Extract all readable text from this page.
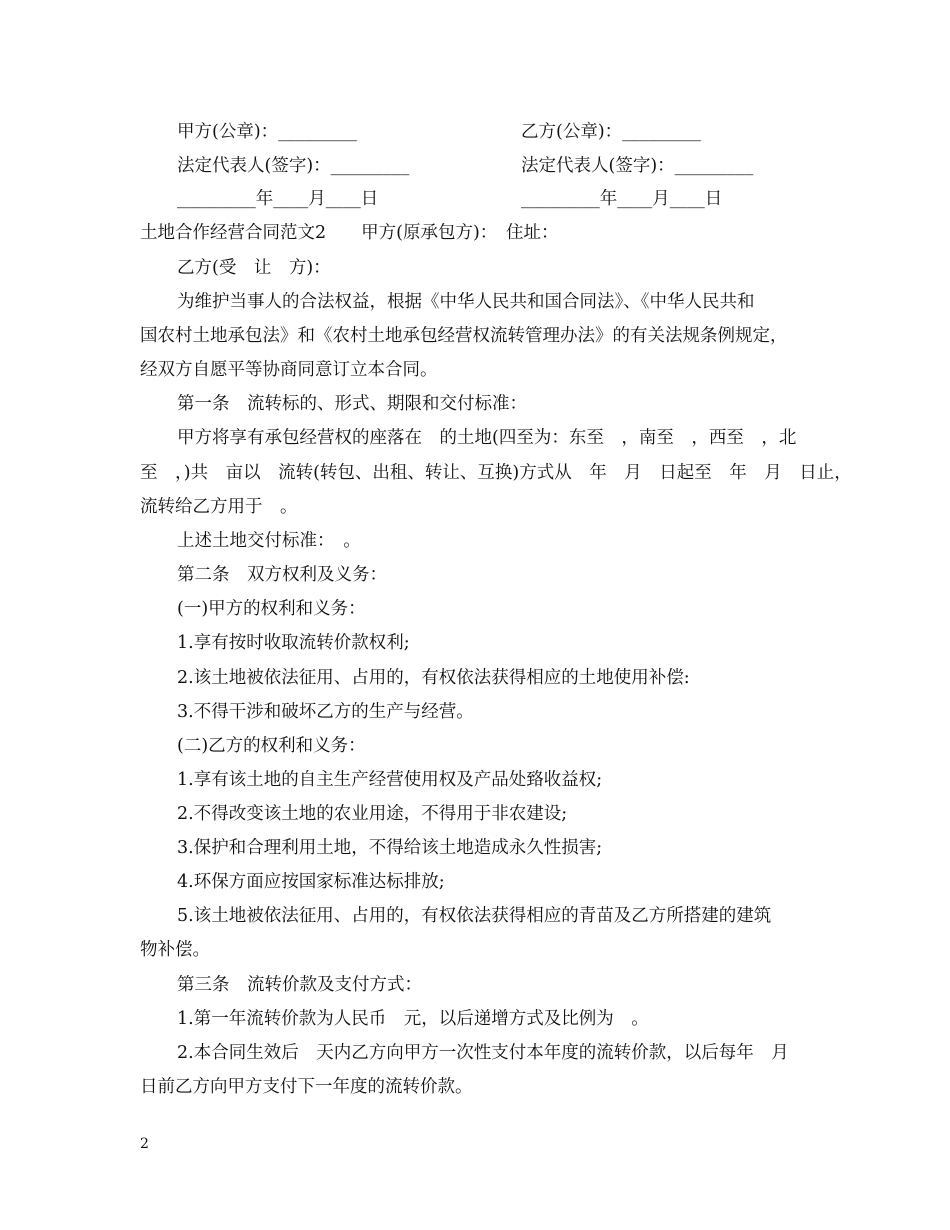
甲方(公章)：_________	乙方(公章)：_________
法定代表人(签字)：_________	法定代表人(签字)：_________
_________年____月____日	_________年____月____日
土地合作经营合同范文2　　甲方(原承包方)：　住址：
乙方(受　让　方)：
为维护当事人的合法权益，根据《中华人民共和国合同法》、《中华人民共和
国农村土地承包法》和《农村土地承包经营权流转管理办法》的有关法规条例规定，
经双方自愿平等协商同意订立本合同。
第一条　流转标的、形式、期限和交付标准：
甲方将享有承包经营权的座落在　的土地(四至为：东至　，南至　，西至　，北
至　，)共　亩以　流转(转包、出租、转让、互换)方式从　年　月　日起至　年　月　日止，
流转给乙方用于　。
上述土地交付标准：　。
第二条　双方权利及义务：
(一)甲方的权利和义务：
1.享有按时收取流转价款权利;
2.该土地被依法征用、占用的，有权依法获得相应的土地使用补偿:
3.不得干涉和破坏乙方的生产与经营。
(二)乙方的权利和义务：
1.享有该土地的自主生产经营使用权及产品处臵收益权;
2.不得改变该土地的农业用途，不得用于非农建设;
3.保护和合理利用土地，不得给该土地造成永久性损害;
4.环保方面应按国家标准达标排放;
5.该土地被依法征用、占用的，有权依法获得相应的青苗及乙方所搭建的建筑
物补偿。
第三条　流转价款及支付方式：
1.第一年流转价款为人民币　元，以后递增方式及比例为　。
2.本合同生效后　天内乙方向甲方一次性支付本年度的流转价款，以后每年　月
日前乙方向甲方支付下一年度的流转价款。
2
